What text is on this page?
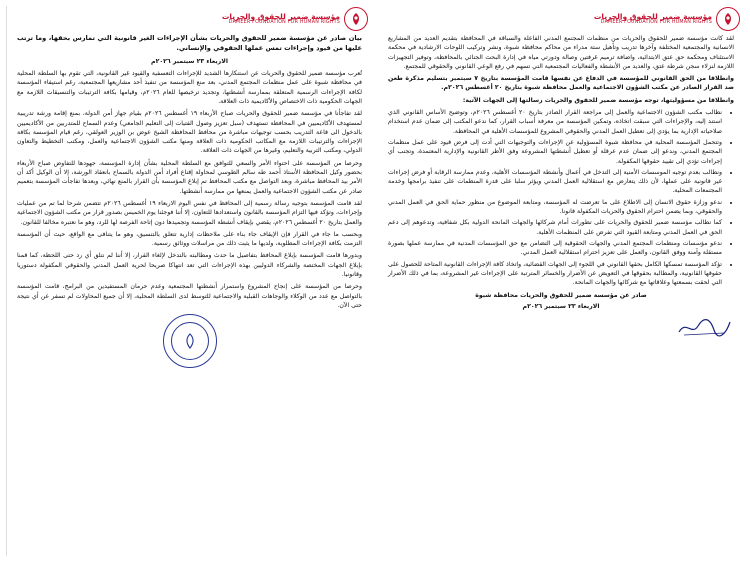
مؤسسة ضمير للحقوق والحريات
DAMEER FOUNDATION FOR HUMAN RIGHTS

لقد كانت مؤسسة ضمير للحقوق والحريات من منظمات المجتمع المدني الفاعلة والسباقة في المحافظة بتقديم العديد من المشاريع الانسانية والمجتمعية المختلفة وآخرها تدريب وتأهيل ستة مدراء من محاكم محافظة شبوة، ونشر وتركيب اللوحات الارشادية في محكمة الاستئناف ومحكمة حق عتق الابتدائية، واضافة ترميم غرفتين وصالة ودورتي مياه في إدارة البحث الجنائي بالمحافظة، وتوفير التجهيزات اللازمة لنزلاء سجن شرطة عتق، والعديد من الأنشطة والفعاليات المجتمعية التي تسهم في رفع الوعي القانوني والحقوقي للمجتمع.

وانطلاقا من الحق القانوني للمؤسسة في الدفاع عن نفسها قامت المؤسسة بتاريخ ٧ سبتمبر بتسليم مذكرة طعن ضد القرار الصادر عن مكتب الشؤون الاجتماعية والعمل محافظة شبوة بتاريخ ٢٠ أغسطس ٢٠٢٦م.

وانطلاقا من مسؤوليتها، توجه مؤسسة ضمير للحقوق والحريات رسالتها إلى الجهات الآتية:

• نطالب مكتب الشؤون الاجتماعية والعمل إلى مراجعة القرار الصادر بتاريخ ٢٠ أغسطس ٢٠٢٦م، وتوضيح الأساس القانوني الذي استند إليه، والإجراءات التي سبقت اتخاذه، وتمكين المؤسسة من معرفة أسباب القرار، كما ندعو المكتب إلى ضمان عدم استخدام صلاحياته الإدارية بما يؤدي إلى تعطيل العمل المدني والحقوقي المشروع للمؤسسات الأهلية في المحافظة.
• وتتحمل المؤسسة المحلية في محافظة شبوة المسؤولية عن الإجراءات والتوجيهات التي أدت إلى فرض قيود على عمل منظمات المجتمع المدني، وندعو إلى ضمان عدم عرقلة أو تعطيل أنشطتها المشروعة وفق الأطر القانونية والإدارية المعتمدة، وتجنب أي إجراءات تؤدي إلى تقييد حقوقها المكفولة.
• ونطالب بعدم توجيه الموسسات الأمنية إلى التدخل في أعمال وأنشطة المؤسسات الأهلية، وعدم ممارسة الرقابة أو فرض إجراءات غير قانونية على عملها، لأن ذلك يتعارض مع استقلالية العمل المدني ويؤثر سلبا على قدرة المنظمات على تنفيذ برامجها وخدمة المجتمعات المحلية.
• ندعو وزارة حقوق الانسان إلى الاطلاع على ما تعرضت له المؤسسة، ومتابعة الموضوع من منظور حماية الحق في العمل المدني والحقوقي، وبما يضمن احترام الحقوق والحريات المكفولة قانونا.
• كما نطالب مؤسسة ضمير للحقوق والحريات على تطورات أمام شركائها والجهات المانحة الدولية بكل شفافية، وتدعوهم إلى دعم الحق في العمل المدني ومتابعة القيود التي تفرض على المنظمات الأهلية.
• ندعو مؤسسات ومنظمات المجتمع المدني والجهات الحقوقية إلى التضامن مع حق المؤسسات المدنية في ممارسة عملها بصورة مستقلة وآمنة ووفق القانون، والعمل على تعزيز احترام استقلالية العمل المدني.
• تؤكد المؤسسة تمسكها الكامل بحقها القانوني في اللجوء إلى الجهات القضائية، واتخاذ كافة الإجراءات القانونية المتاحة للحصول على حقوقها القانونية، والمطالبة بحقوقها في التعويض عن الأضرار والخسائر المترتبة على الإجراءات غير المشروعة، بما في ذلك الأضرار التي لحقت بسمعتها وعلاقاتها مع شركائها والجهات المانحة.
صادر عن مؤسسة ضمير للحقوق والحريات محافظة شبوة
الاربعاء ٢٣ سبتمبر ٢٠٢٦م
مؤسسة ضمير للحقوق والحريات
DAMEER FOUNDATION FOR HUMAN RIGHTS

بيان صادر عن مؤسسة ضمير للحقوق والحريات بشأن الإجراءات الغير قانونية التي تمارس بحقها، وما ترتب عليها من قيود وإجراءات تمس عملها الحقوقي والإنساني.

الاربعاء ٢٣ سبتمبر ٢٠٢٦م

تُعرب مؤسسة ضمير للحقوق والحريات عن استنكارها الشديد للإجراءات التعسفية والقيود غير القانونية، التي تقوم بها السلطة المحلية في محافظة شبوة على عمل منظمات المجتمع المدني، بعد منع المؤسسة من تنفيذ أحد مشاريعها المجتمعية، رغم استيفاء المؤسسة لكافة الإجراءات الرسمية المتعلقة بممارسة أنشطتها، وتجديد ترخيصها للعام ٢٠٢٦م، وقيامها بكافة الترتيبات والتنسيقات اللازمة مع الجهات الحكومية ذات الاختصاص والأكاديمية ذات العلاقة.

لقد تفاجأنا في مؤسسة ضمير للحقوق والحريات صباح الأربعاء ١٩ أغسطس ٢٠٢٦م بقيام جهاز أمن الدولة، بمنع إقامة ورشة تدريبية لمستهدف الأكاديميين في المحافظة تستهدف (سبل تعزيز وصول الفتيات إلى التعليم الجامعي) وعدم السماح للمتدربين من الأكاديميين بالدخول الى قاعة التدريب بحسب توجيهات مباشرة من محافظ المحافظة الشيخ عوض بن الوزير العولقي، رغم قيام المؤسسة بكافة الإجراءات والترتيبات اللازمة مع المكاتب الحكومية ذات العلاقة ومنها مكتب الشؤون الاجتماعية والعمل، ومكتب التخطيط والتعاون الدولي، ومكتب التربية والتعليم، وغيرها من الجهات ذات العلاقة.

وحرصا من المؤسسة على احتواء الأمر والسعي للتوافق مع السلطة المحلية بشأن إدارة المؤسسة، جهودها للتفاوض صباح الأربعاء بحضور وكيل المحافظة الأستاذ أحمد طه سالم الطوسي لمحاولة إقناع أفراد أمن الدولة بالسماح بانعقاد الورشة، إلا أن الوكيل أكد أن الأمر بيد المحافظ مباشرة، وبعد التواصل مع مكتب المحافظ تم إبلاغ المؤسسة بأن القرار بالمنع نهائي، وبعدها تفاجأت المؤسسة بتعميم صادر عن مكتب الشؤون الاجتماعية والعمل يمنعها من ممارسة أنشطتها.

لقد قامت المؤسسة بتوجيه رسالة رسمية إلى المحافظ في نفس اليوم الاربعاء ١٩ أغسطس ٢٠٢٦م تتضمن شرحا لما تم من عمليات وإجراءات، وتؤكد فيها التزام المؤسسة بالقانون واستعدادها للتعاون، إلا أننا فوجئنا يوم الخميس بصدور قرار من مكتب الشؤون الاجتماعية والعمل بتاريخ ٢٠ أغسطس ٢٠٢٦م، يقضي بإيقاف أنشطة المؤسسة وتجميدها دون إتاحة الفرصة لها للرد، وهو ما نعتبره مخالفا للقانون.

وبحسب ما جاء في القرار فإن الإيقاف جاء بناء على ملاحظات إدارية تتعلق بالتنسيق، وهو ما يتنافى مع الواقع، حيث أن المؤسسة التزمت بكافة الإجراءات المطلوبة، ولديها ما يثبت ذلك من مراسلات ووثائق رسمية.

وبدورها قامت المؤسسة بإبلاغ المحافظ بتفاصيل ما حدث ومطالبته بالتدخل لإلغاء القرار، إلا أننا لم نتلق أي رد حتى اللحظة، كما قمنا بإبلاغ الجهات المختصة والشركاء الدوليين بهذه الإجراءات التي تعد انتهاكا صريحا لحرية العمل المدني والحقوقي المكفولة دستوريا وقانونيا.

وحرصا من المؤسسة على إنجاح المشروع واستمرار أنشطتها المجتمعية وعدم حرمان المستفيدين من البرامج، قامت المؤسسة بالتواصل مع عدد من الوكلاء والوجاهات القبلية والاجتماعية للتوسط لدى السلطة المحلية، إلا أن جميع المحاولات لم تسفر عن أي نتيجة حتى الآن.
